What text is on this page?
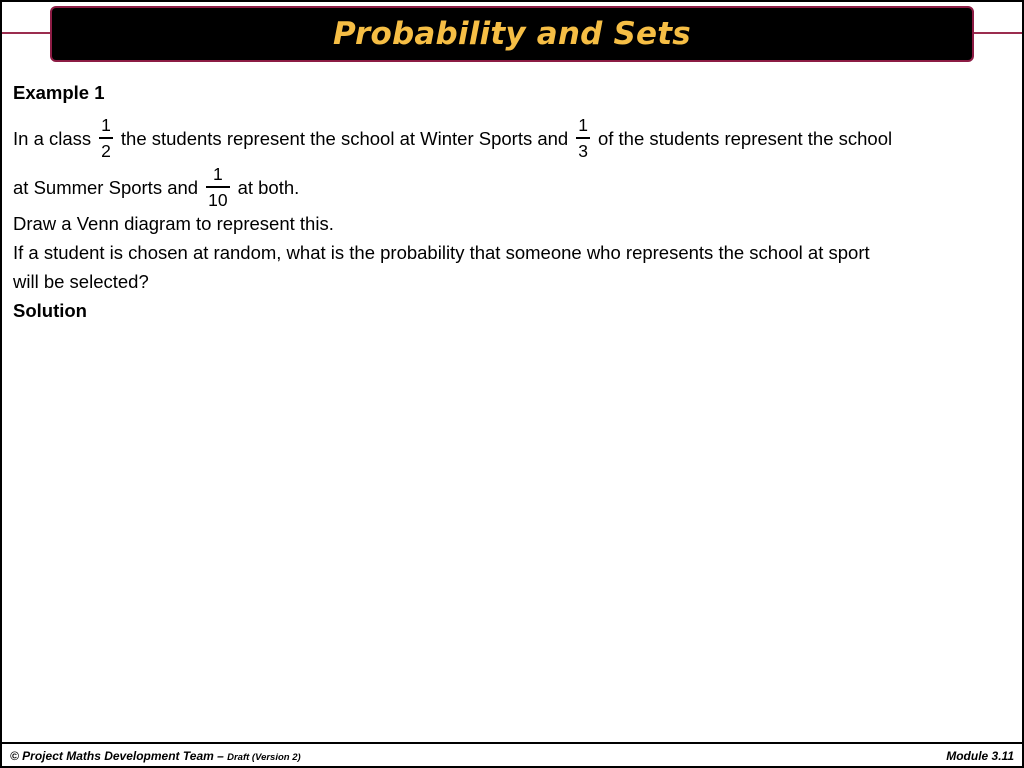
Probability and Sets
Example 1
In a class $\frac{1}{2}$ the students represent the school at Winter Sports and $\frac{1}{3}$ of the students represent the school
at Summer Sports and $\frac{1}{10}$ at both.
Draw a Venn diagram to represent this.
If a student is chosen at random, what is the probability that someone who represents the school at sport
will be selected?
Solution
© Project Maths Development Team – Draft (Version 2)	Module 3.11
